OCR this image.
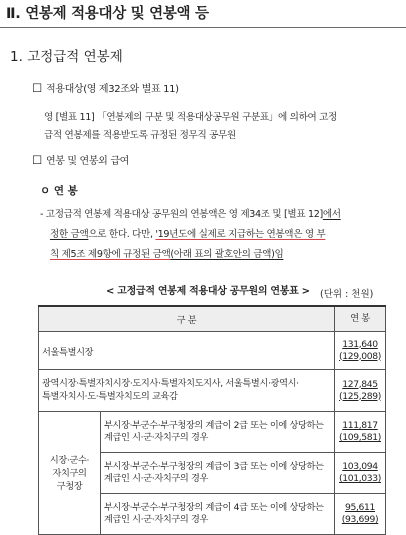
Ⅱ. 연봉제 적용대상 및 연봉액 등
1. 고정급적 연봉제
☐ 적용대상(영 제32조와 별표 11)
영 [별표 11] 「연봉제의 구분 및 적용대상공무원 구분표」에 의하여 고정
급적 연봉제를 적용받도록 규정된 정무직 공무원
☐ 연봉 및 연봉외 급여
ㅇ 연 봉
- 고정급적 연봉제 적용대상 공무원의 연봉액은 영 제34조 및 [별표 12]에서
정한 금액으로 한다. 다만, '19년도에 실제로 지급하는 연봉액은 영 부
칙 제5조 제9항에 규정된 금액(아래 표의 괄호안의 금액)임
< 고정급적 연봉제 적용대상 공무원의 연봉표 > (단위 : 천원)
구 분		연 봉
서울특별시장		131,640
(129,008)
광역시장·특별자치시장·도지사·특별자치도지사, 서울특별시·광역시·
특별자치시·도·특별자치도의 교육감		127,845
(125,289)
시장·군수·
자치구의
구청장	부시장·부군수·부구청장의 계급이 2급 또는 이에 상당하는
계급인 시·군·자치구의 경우	111,817
(109,581)
	부시장·부군수·부구청장의 계급이 3급 또는 이에 상당하는
계급인 시·군·자치구의 경우	103,094
(101,033)
	부시장·부군수·부구청장의 계급이 4급 또는 이에 상당하는
계급인 시·군·자치구의 경우	95,611
(93,699)
